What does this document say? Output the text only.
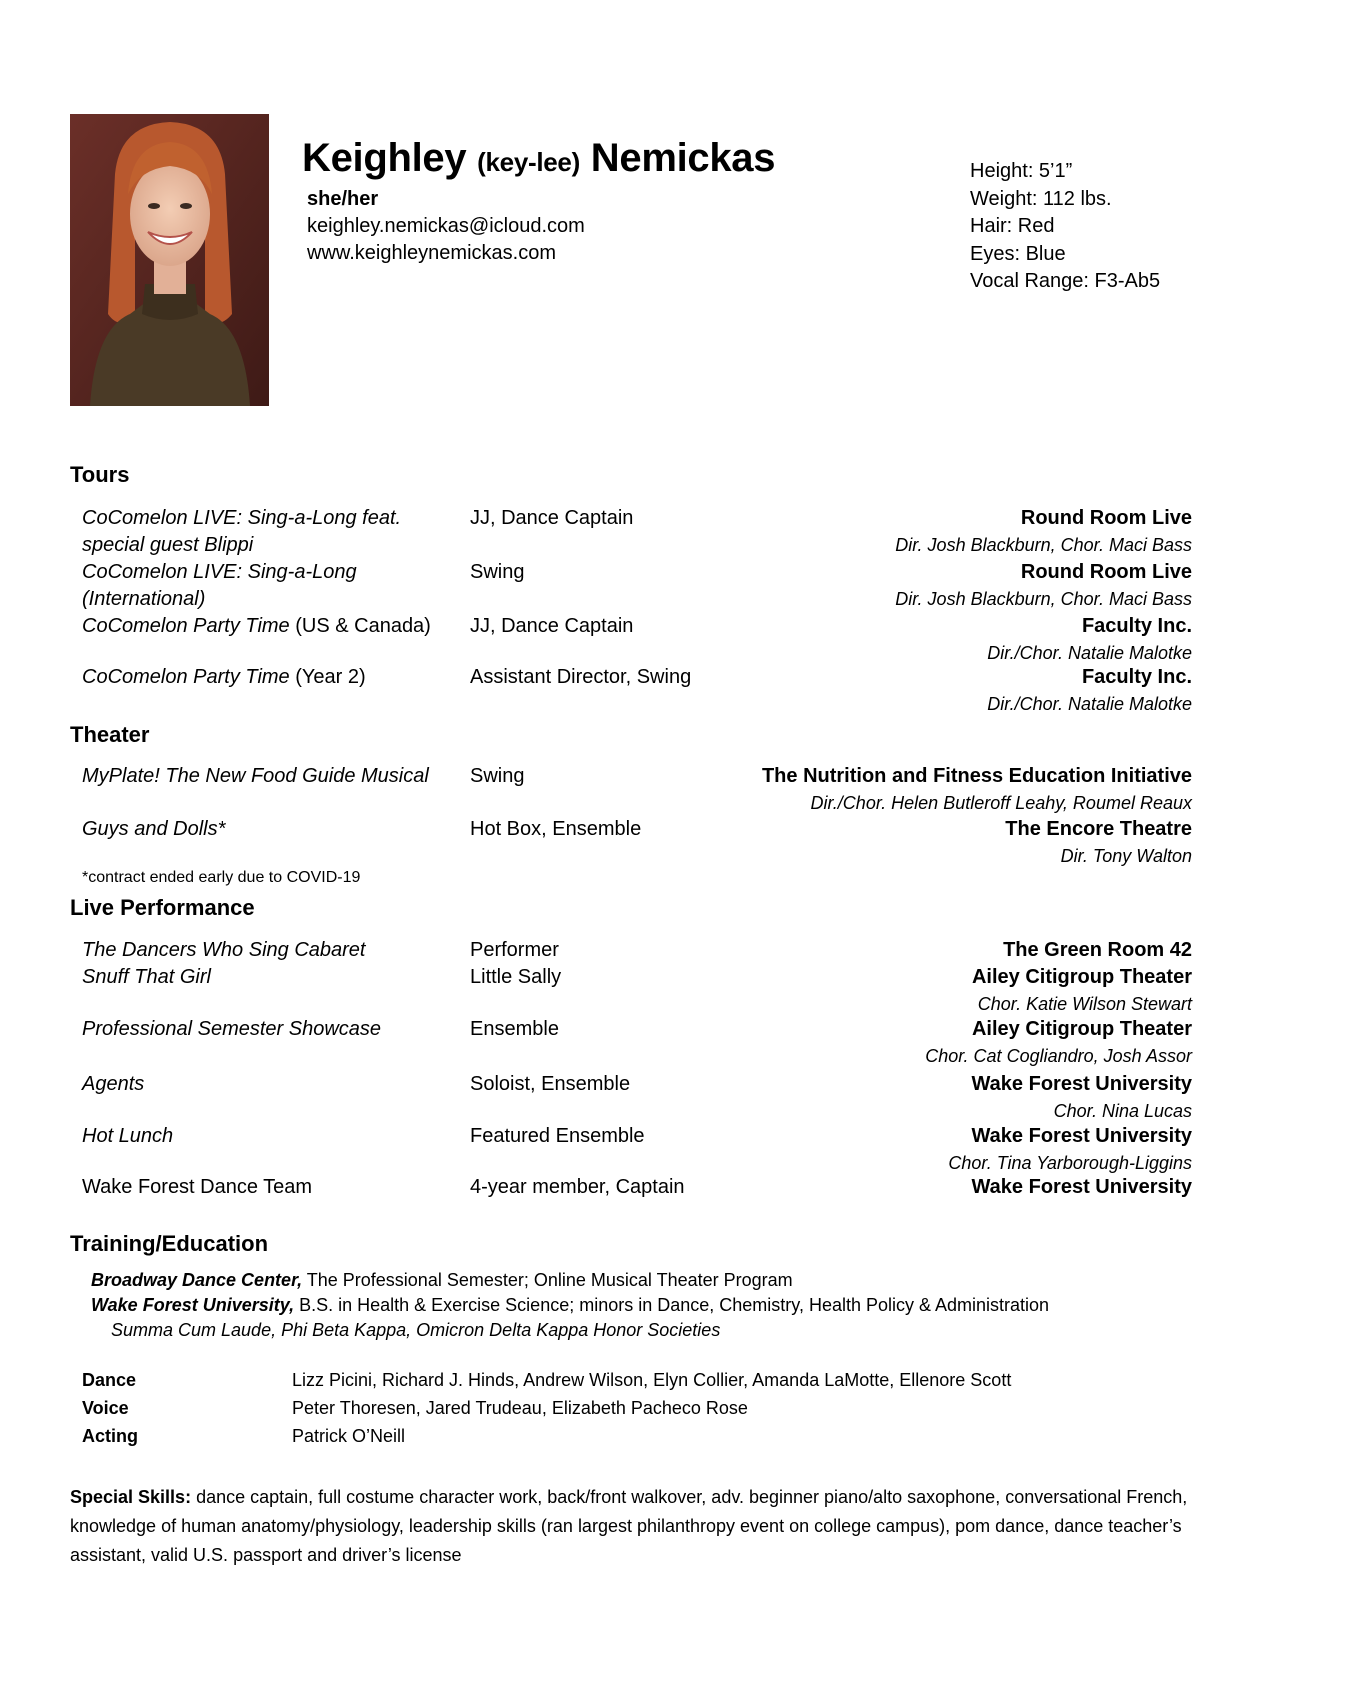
Keighley (key-lee) Nemickas
she/her
keighley.nemickas@icloud.com
www.keighleynemickas.com
Height: 5’1”
Weight: 112 lbs.
Hair: Red
Eyes: Blue
Vocal Range: F3-Ab5
Tours
CoComelon LIVE: Sing-a-Long feat.
special guest Blippi
JJ, Dance Captain	Round Room Live
Dir. Josh Blackburn, Chor. Maci Bass
CoComelon LIVE: Sing-a-Long
(International)
Swing	Round Room Live
Dir. Josh Blackburn, Chor. Maci Bass
CoComelon Party Time (US & Canada)	JJ, Dance Captain	Faculty Inc.
Dir./Chor. Natalie Malotke
CoComelon Party Time (Year 2)	Assistant Director, Swing	Faculty Inc.
Dir./Chor. Natalie Malotke
Theater
MyPlate! The New Food Guide Musical	Swing	The Nutrition and Fitness Education Initiative
Dir./Chor. Helen Butleroff Leahy, Roumel Reaux
Guys and Dolls*	Hot Box, Ensemble	The Encore Theatre
Dir. Tony Walton
*contract ended early due to COVID-19
Live Performance
The Dancers Who Sing Cabaret	Performer	The Green Room 42
Snuff That Girl	Little Sally	Ailey Citigroup Theater
Chor. Katie Wilson Stewart
Professional Semester Showcase	Ensemble	Ailey Citigroup Theater
Chor. Cat Cogliandro, Josh Assor
Agents	Soloist, Ensemble	Wake Forest University
Chor. Nina Lucas
Hot Lunch	Featured Ensemble	Wake Forest University
Chor. Tina Yarborough-Liggins
Wake Forest Dance Team	4-year member, Captain	Wake Forest University
Training/Education
Broadway Dance Center, The Professional Semester; Online Musical Theater Program
Wake Forest University, B.S. in Health & Exercise Science; minors in Dance, Chemistry, Health Policy & Administration
Summa Cum Laude, Phi Beta Kappa, Omicron Delta Kappa Honor Societies
Dance	Lizz Picini, Richard J. Hinds, Andrew Wilson, Elyn Collier, Amanda LaMotte, Ellenore Scott
Voice	Peter Thoresen, Jared Trudeau, Elizabeth Pacheco Rose
Acting	Patrick O’Neill
Special Skills: dance captain, full costume character work, back/front walkover, adv. beginner piano/alto saxophone, conversational French, knowledge of human anatomy/physiology, leadership skills (ran largest philanthropy event on college campus), pom dance, dance teacher’s assistant, valid U.S. passport and driver’s license
